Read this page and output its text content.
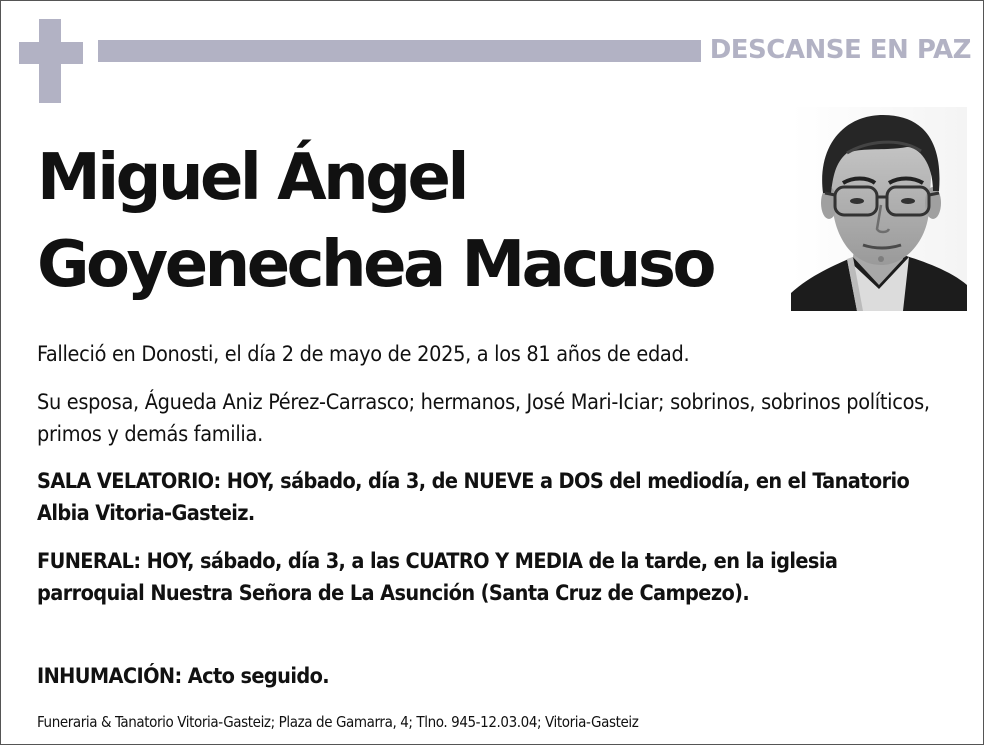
DESCANSE EN PAZ
Miguel Ángel
Goyenechea Macuso

Falleció en Donosti, el día 2 de mayo de 2025, a los 81 años de edad.

Su esposa, Águeda Aniz Pérez-Carrasco; hermanos, José Mari-Iciar; sobrinos, sobrinos políticos, primos y demás familia.

SALA VELATORIO: HOY, sábado, día 3, de NUEVE a DOS del mediodía, en el Tanatorio Albia Vitoria-Gasteiz.

FUNERAL: HOY, sábado, día 3, a las CUATRO Y MEDIA de la tarde, en la iglesia parroquial Nuestra Señora de La Asunción (Santa Cruz de Campezo).

INHUMACIÓN: Acto seguido.

Funeraria & Tanatorio Vitoria-Gasteiz; Plaza de Gamarra, 4; Tlno. 945-12.03.04; Vitoria-Gasteiz
